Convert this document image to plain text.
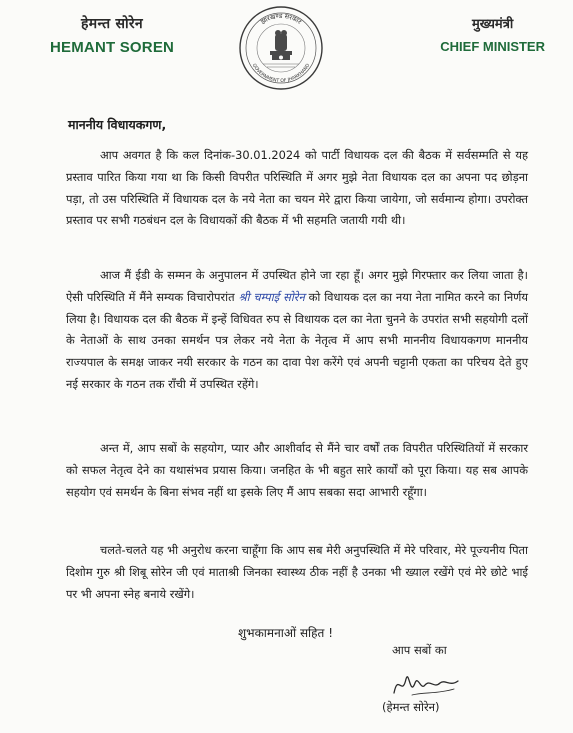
हेमन्त सोरेन
HEMANT SOREN
झारखण्ड सरकार
GOVERNMENT OF JHARKHAND
मुख्यमंत्री
CHIEF MINISTER
माननीय विधायकगण,
आप अवगत है कि कल दिनांक-30.01.2024 को पार्टी विधायक दल की बैठक में सर्वसम्मति से यह प्रस्ताव पारित किया गया था कि किसी विपरीत परिस्थिति में अगर मुझे नेता विधायक दल का अपना पद छोड़ना पड़ा, तो उस परिस्थिति में विधायक दल के नये नेता का चयन मेरे द्वारा किया जायेगा, जो सर्वमान्य होगा। उपरोक्त प्रस्ताव पर सभी गठबंधन दल के विधायकों की बैठक में भी सहमति जतायी गयी थी।
आज मैं ईडी के सम्मन के अनुपालन में उपस्थित होने जा रहा हूँ। अगर मुझे गिरफ्तार कर लिया जाता है। ऐसी परिस्थिति में मैंने सम्यक विचारोपरांत श्री चम्पाई सोरेन को विधायक दल का नया नेता नामित करने का निर्णय लिया है। विधायक दल की बैठक में इन्हें विधिवत रुप से विधायक दल का नेता चुनने के उपरांत सभी सहयोगी दलों के नेताओं के साथ उनका समर्थन पत्र लेकर नये नेता के नेतृत्व में आप सभी माननीय विधायकगण माननीय राज्यपाल के समक्ष जाकर नयी सरकार के गठन का दावा पेश करेंगे एवं अपनी चट्टानी एकता का परिचय देते हुए नई सरकार के गठन तक राँची में उपस्थित रहेंगे।
अन्त में, आप सबों के सहयोग, प्यार और आशीर्वाद से मैंने चार वर्षों तक विपरीत परिस्थितियों में सरकार को सफल नेतृत्व देने का यथासंभव प्रयास किया। जनहित के भी बहुत सारे कार्यों को पूरा किया। यह सब आपके सहयोग एवं समर्थन के बिना संभव नहीं था इसके लिए मैं आप सबका सदा आभारी रहूँगा।
चलते-चलते यह भी अनुरोध करना चाहूँगा कि आप सब मेरी अनुपस्थिति में मेरे परिवार, मेरे पूज्यनीय पिता दिशोम गुरु श्री शिबू सोरेन जी एवं माताश्री जिनका स्वास्थ्य ठीक नहीं है उनका भी ख्याल रखेंगे एवं मेरे छोटे भाई पर भी अपना स्नेह बनाये रखेंगे।
शुभकामनाओं सहित !
आप सबों का
(हेमन्त सोरेन)
